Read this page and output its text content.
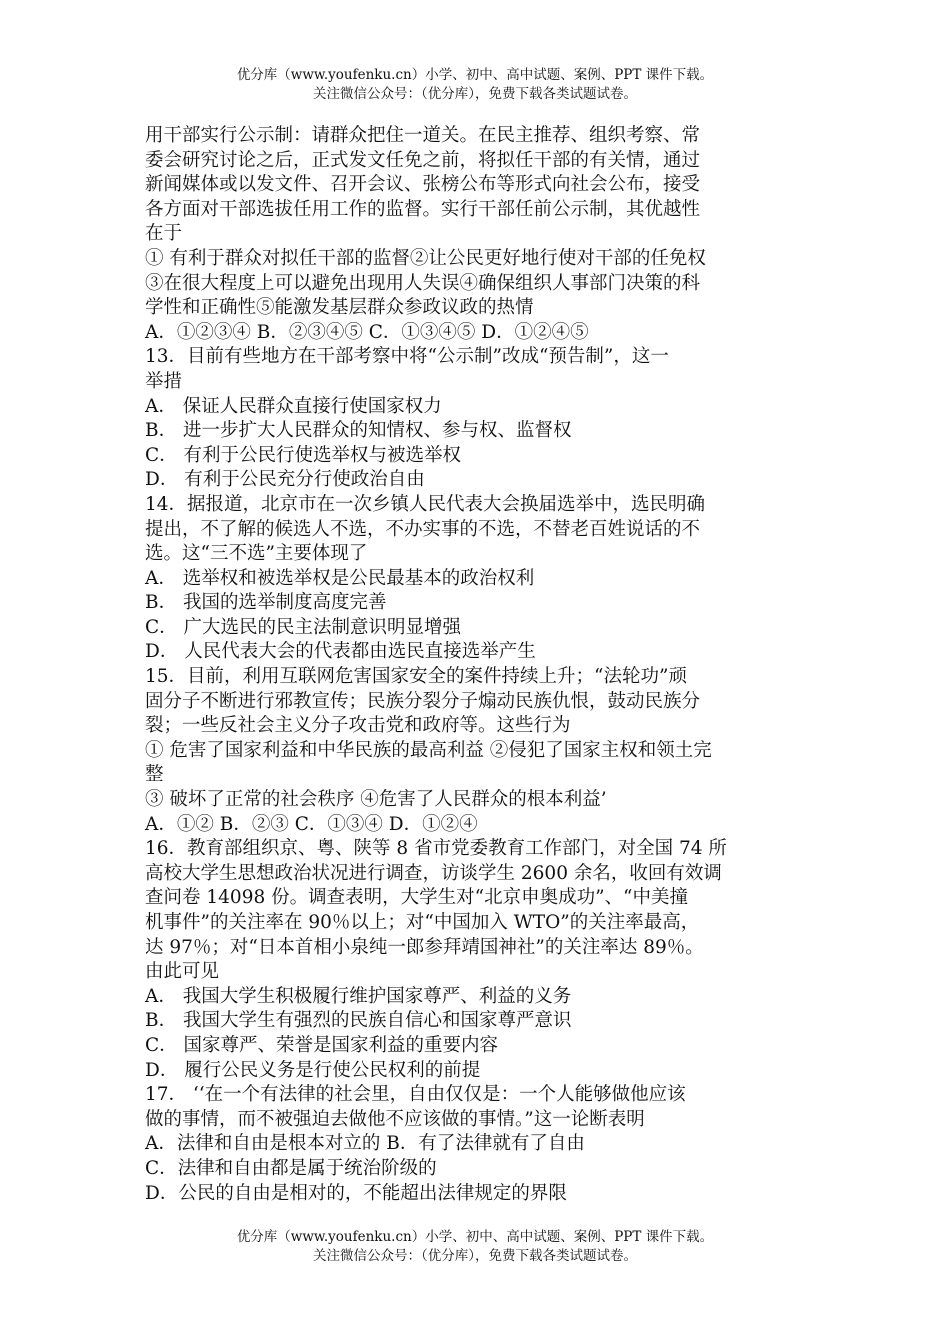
优分库（www.youfenku.cn）小学、初中、高中试题、案例、PPT 课件下载。
关注微信公众号：（优分库），免费下载各类试题试卷。
用干部实行公示制：请群众把住一道关。在民主推荐、组织考察、常
委会研究讨论之后，正式发文任免之前，将拟任干部的有关情，通过
新闻媒体或以发文件、召开会议、张榜公布等形式向社会公布，接受
各方面对干部选拔任用工作的监督。实行干部任前公示制，其优越性
在于
① 有利于群众对拟任干部的监督②让公民更好地行使对干部的任免权
③在很大程度上可以避免出现用人失误④确保组织人事部门决策的科
学性和正确性⑤能激发基层群众参政议政的热情
A．①②③④ B．②③④⑤ C．①③④⑤ D．①②④⑤
13．目前有些地方在干部考察中将“公示制”改成“预告制”，这一
举措
A． 保证人民群众直接行使国家权力
B． 进一步扩大人民群众的知情权、参与权、监督权
C． 有利于公民行使选举权与被选举权
D． 有利于公民充分行使政治自由
14．据报道，北京市在一次乡镇人民代表大会换届选举中，选民明确
提出，不了解的候选人不选，不办实事的不选，不替老百姓说话的不
选。这“三不选”主要体现了
A． 选举权和被选举权是公民最基本的政治权利
B． 我国的选举制度高度完善
C． 广大选民的民主法制意识明显增强
D． 人民代表大会的代表都由选民直接选举产生
15．目前，利用互联网危害国家安全的案件持续上升；“法轮功”顽
固分子不断进行邪教宣传；民族分裂分子煽动民族仇恨，鼓动民族分
裂；一些反社会主义分子攻击党和政府等。这些行为
① 危害了国家利益和中华民族的最高利益 ②侵犯了国家主权和领土完
整
③ 破坏了正常的社会秩序 ④危害了人民群众的根本利益’
A．①② B．②③ C．①③④ D．①②④
16．教育部组织京、粤、陕等 8 省市党委教育工作部门，对全国 74 所
高校大学生思想政治状况进行调查，访谈学生 2600 余名，收回有效调
查问卷 14098 份。调查表明，大学生对“北京申奥成功”、“中美撞
机事件”的关注率在 90％以上；对“中国加入 WTO”的关注率最高，
达 97％；对“日本首相小泉纯一郎参拜靖国神社”的关注率达 89％。
由此可见
A． 我国大学生积极履行维护国家尊严、利益的义务
B． 我国大学生有强烈的民族自信心和国家尊严意识
C． 国家尊严、荣誉是国家利益的重要内容
D． 履行公民义务是行使公民权利的前提
17． ‘‘在一个有法律的社会里，自由仅仅是：一个人能够做他应该
做的事情，而不被强迫去做他不应该做的事情。”这一论断表明
A．法律和自由是根本对立的 B．有了法律就有了自由
C．法律和自由都是属于统治阶级的
D．公民的自由是相对的，不能超出法律规定的界限
优分库（www.youfenku.cn）小学、初中、高中试题、案例、PPT 课件下载。
关注微信公众号：（优分库），免费下载各类试题试卷。
